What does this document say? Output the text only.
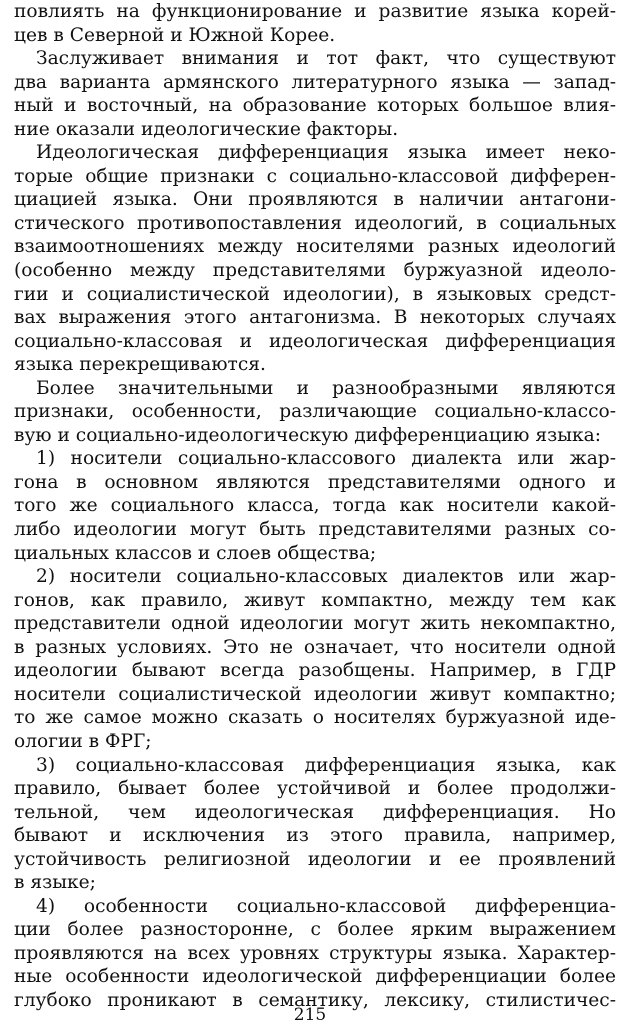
повлиять на функционирование и развитие языка корей-
цев в Северной и Южной Корее.
Заслуживает внимания и тот факт, что существуют
два варианта армянского литературного языка — запад-
ный и восточный, на образование которых большое влия-
ние оказали идеологические факторы.
Идеологическая дифференциация языка имеет неко-
торые общие признаки с социально-классовой дифферен-
циацией языка. Они проявляются в наличии антагони-
стического противопоставления идеологий, в социальных
взаимоотношениях между носителями разных идеологий
(особенно между представителями буржуазной идеоло-
гии и социалистической идеологии), в языковых средст-
вах выражения этого антагонизма. В некоторых случаях
социально-классовая и идеологическая дифференциация
языка перекрещиваются.
Более значительными и разнообразными являются
признаки, особенности, различающие социально-классо-
вую и социально-идеологическую дифференциацию языка:
1) носители социально-классового диалекта или жар-
гона в основном являются представителями одного и
того же социального класса, тогда как носители какой-
либо идеологии могут быть представителями разных со-
циальных классов и слоев общества;
2) носители социально-классовых диалектов или жар-
гонов, как правило, живут компактно, между тем как
представители одной идеологии могут жить некомпактно,
в разных условиях. Это не означает, что носители одной
идеологии бывают всегда разобщены. Например, в ГДР
носители социалистической идеологии живут компактно;
то же самое можно сказать о носителях буржуазной иде-
ологии в ФРГ;
3) социально-классовая дифференциация языка, как
правило, бывает более устойчивой и более продолжи-
тельной, чем идеологическая дифференциация. Но
бывают и исключения из этого правила, например,
устойчивость религиозной идеологии и ее проявлений
в языке;
4) особенности социально-классовой дифференциа-
ции более разносторонне, с более ярким выражением
проявляются на всех уровнях структуры языка. Характер-
ные особенности идеологической дифференциации более
глубоко проникают в семантику, лексику, стилистичес-
215
